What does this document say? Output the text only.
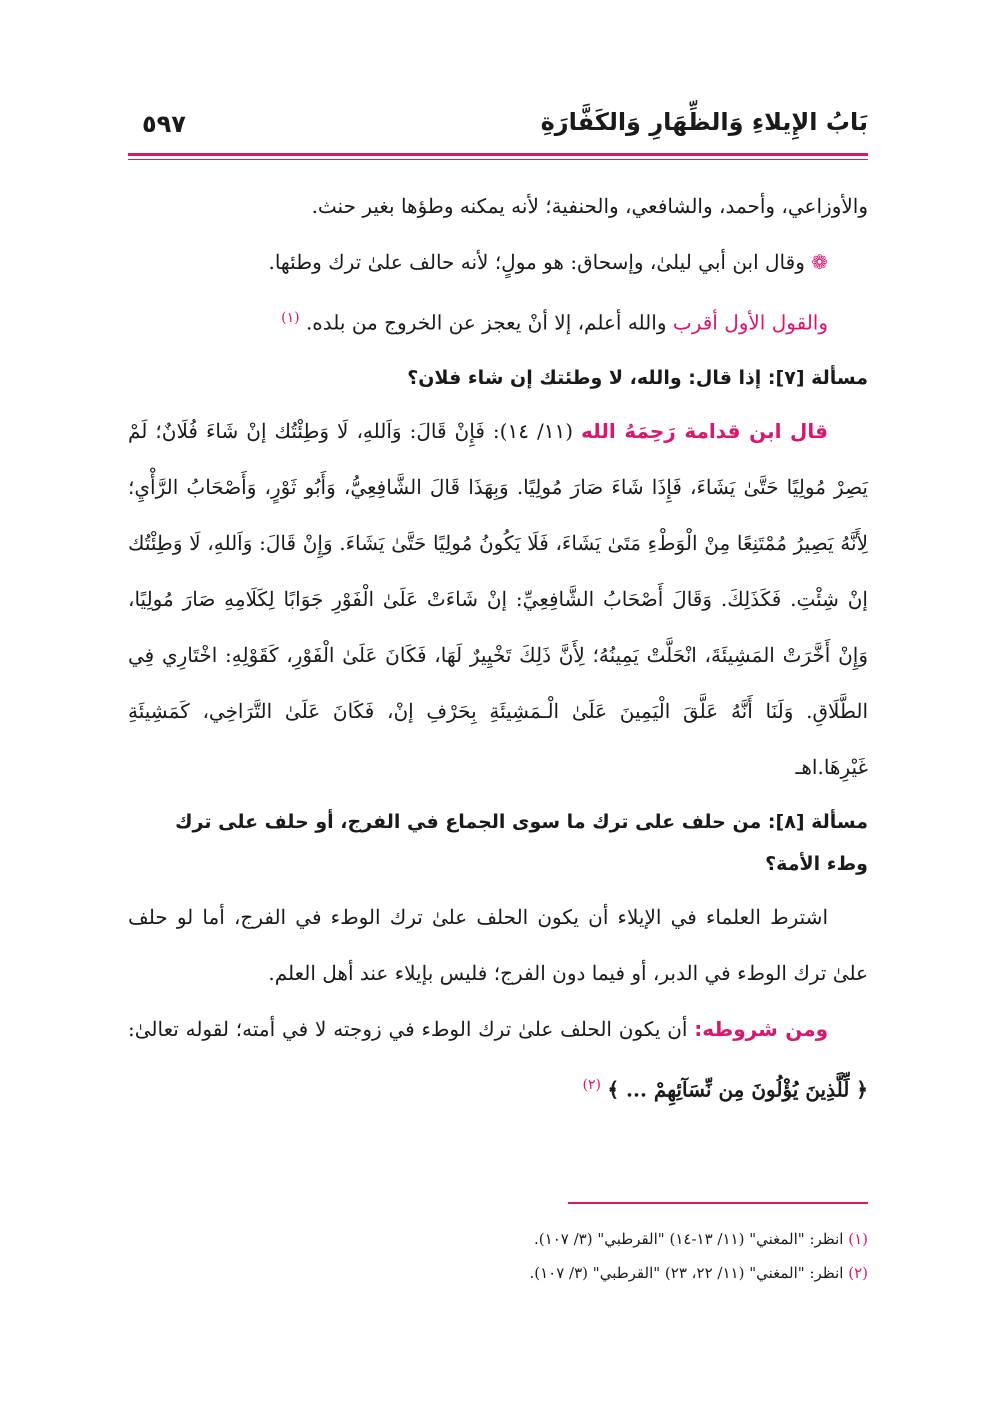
بَابُ الإِيلاءِ وَالظِّهَارِ وَالكَفَّارَةِ
٥٩٧

والأوزاعي، وأحمد، والشافعي، والحنفية؛ لأنه يمكنه وطؤها بغير حنث.

❁ وقال ابن أبي ليلىٰ، وإسحاق: هو مولٍ؛ لأنه حالف علىٰ ترك وطئها.

والقول الأول أقرب والله أعلم، إلا أنْ يعجز عن الخروج من بلده. $^{(١)}$

مسألة [٧]: إذا قال: والله، لا وطئتك إن شاء فلان؟

قال ابن قدامة رَحِمَهُ الله (١١/ ١٤): فَإِنْ قَالَ: وَاَللهِ، لَا وَطِئْتُك إنْ شَاءَ فُلَانٌ؛ لَمْ يَصِرْ مُولِيًا حَتَّىٰ يَشَاءَ، فَإِذَا شَاءَ صَارَ مُولِيًا. وَبِهَذَا قَالَ الشَّافِعِيُّ، وَأَبُو ثَوْرٍ، وَأَصْحَابُ الرَّأْيِ؛ لِأَنَّهُ يَصِيرُ مُمْتَنِعًا مِنْ الْوَطْءِ مَتَىٰ يَشَاءَ، فَلَا يَكُونُ مُولِيًا حَتَّىٰ يَشَاءَ. وَإِنْ قَالَ: وَاَللهِ، لَا وَطِئْتُك إنْ شِئْتِ. فَكَذَلِكَ. وَقَالَ أَصْحَابُ الشَّافِعِيِّ: إنْ شَاءَتْ عَلَىٰ الْفَوْرِ جَوَابًا لِكَلَامِهِ صَارَ مُولِيًا، وَإِنْ أَخَّرَتْ المَشِيئَةَ، انْحَلَّتْ يَمِينُهُ؛ لِأَنَّ ذَلِكَ تَخْيِيرٌ لَهَا، فَكَانَ عَلَىٰ الْفَوْرِ، كَقَوْلِهِ: اخْتَارِي فِي الطَّلَاقِ. وَلَنَا أَنَّهُ عَلَّقَ الْيَمِينَ عَلَىٰ الْـمَشِيئَةِ بِحَرْفِ إنْ، فَكَانَ عَلَىٰ التَّرَاخِي، كَمَشِيئَةِ غَيْرِهَا.اهـ

مسألة [٨]: من حلف على ترك ما سوى الجماع في الفرج، أو حلف على ترك وطء الأمة؟

اشترط العلماء في الإيلاء أن يكون الحلف علىٰ ترك الوطء في الفرج، أما لو حلف علىٰ ترك الوطء في الدبر، أو فيما دون الفرج؛ فليس بإيلاء عند أهل العلم.

ومن شروطه: أن يكون الحلف علىٰ ترك الوطء في زوجته لا في أمته؛ لقوله تعالىٰ: ﴿ لِّلَّذِينَ يُؤْلُونَ مِن نِّسَآئِهِمْ ... ﴾ $^{(٢)}$

(١) انظر: "المغني" (١١/ ١٣-١٤) "القرطبي" (٣/ ١٠٧).
(٢) انظر: "المغني" (١١/ ٢٢، ٢٣) "القرطبي" (٣/ ١٠٧).
